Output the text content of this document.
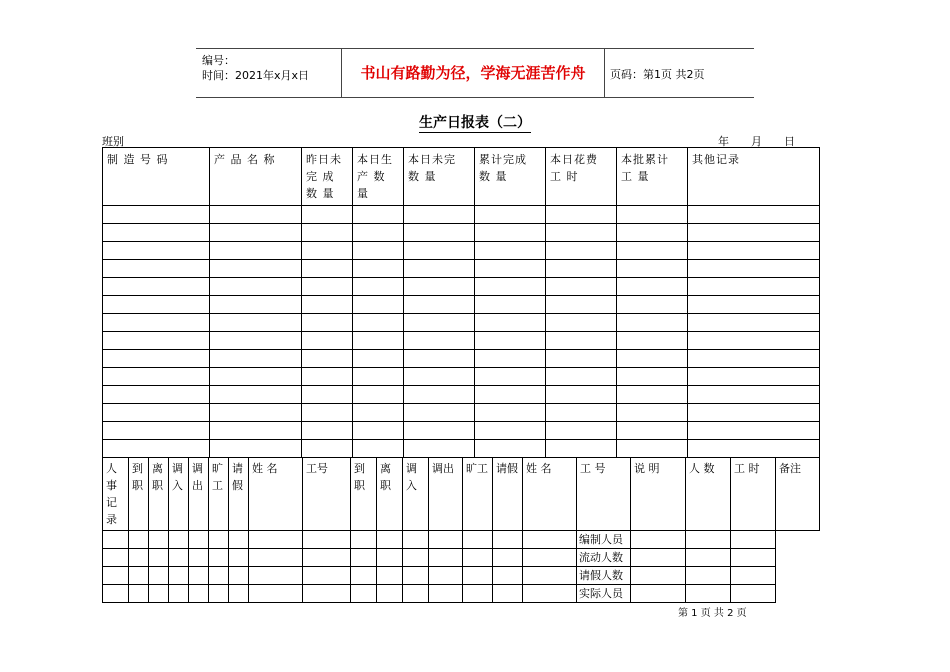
编号：
时间：2021年x月x日	书山有路勤为径，学海无涯苦作舟	页码：第1页 共2页
生产日报表（二）
班别	年 月 日
制 造 号 码	产 品 名 称	昨日未完 成 数 量	本日生产 数 量	本日未完 数 量	累计完成 数 量	本日花费 工 时	本批累计 工 量	其他记录

人事记录	到职	离职	调入	调出	旷工	请假	姓 名	工号	到职	离职	调入	调出	旷工	请假	姓 名	工 号	说 明	人 数	工 时	备注
																编制人员				
																流动人数				
																请假人数				
																实际人员				
第 1 页 共 2 页
